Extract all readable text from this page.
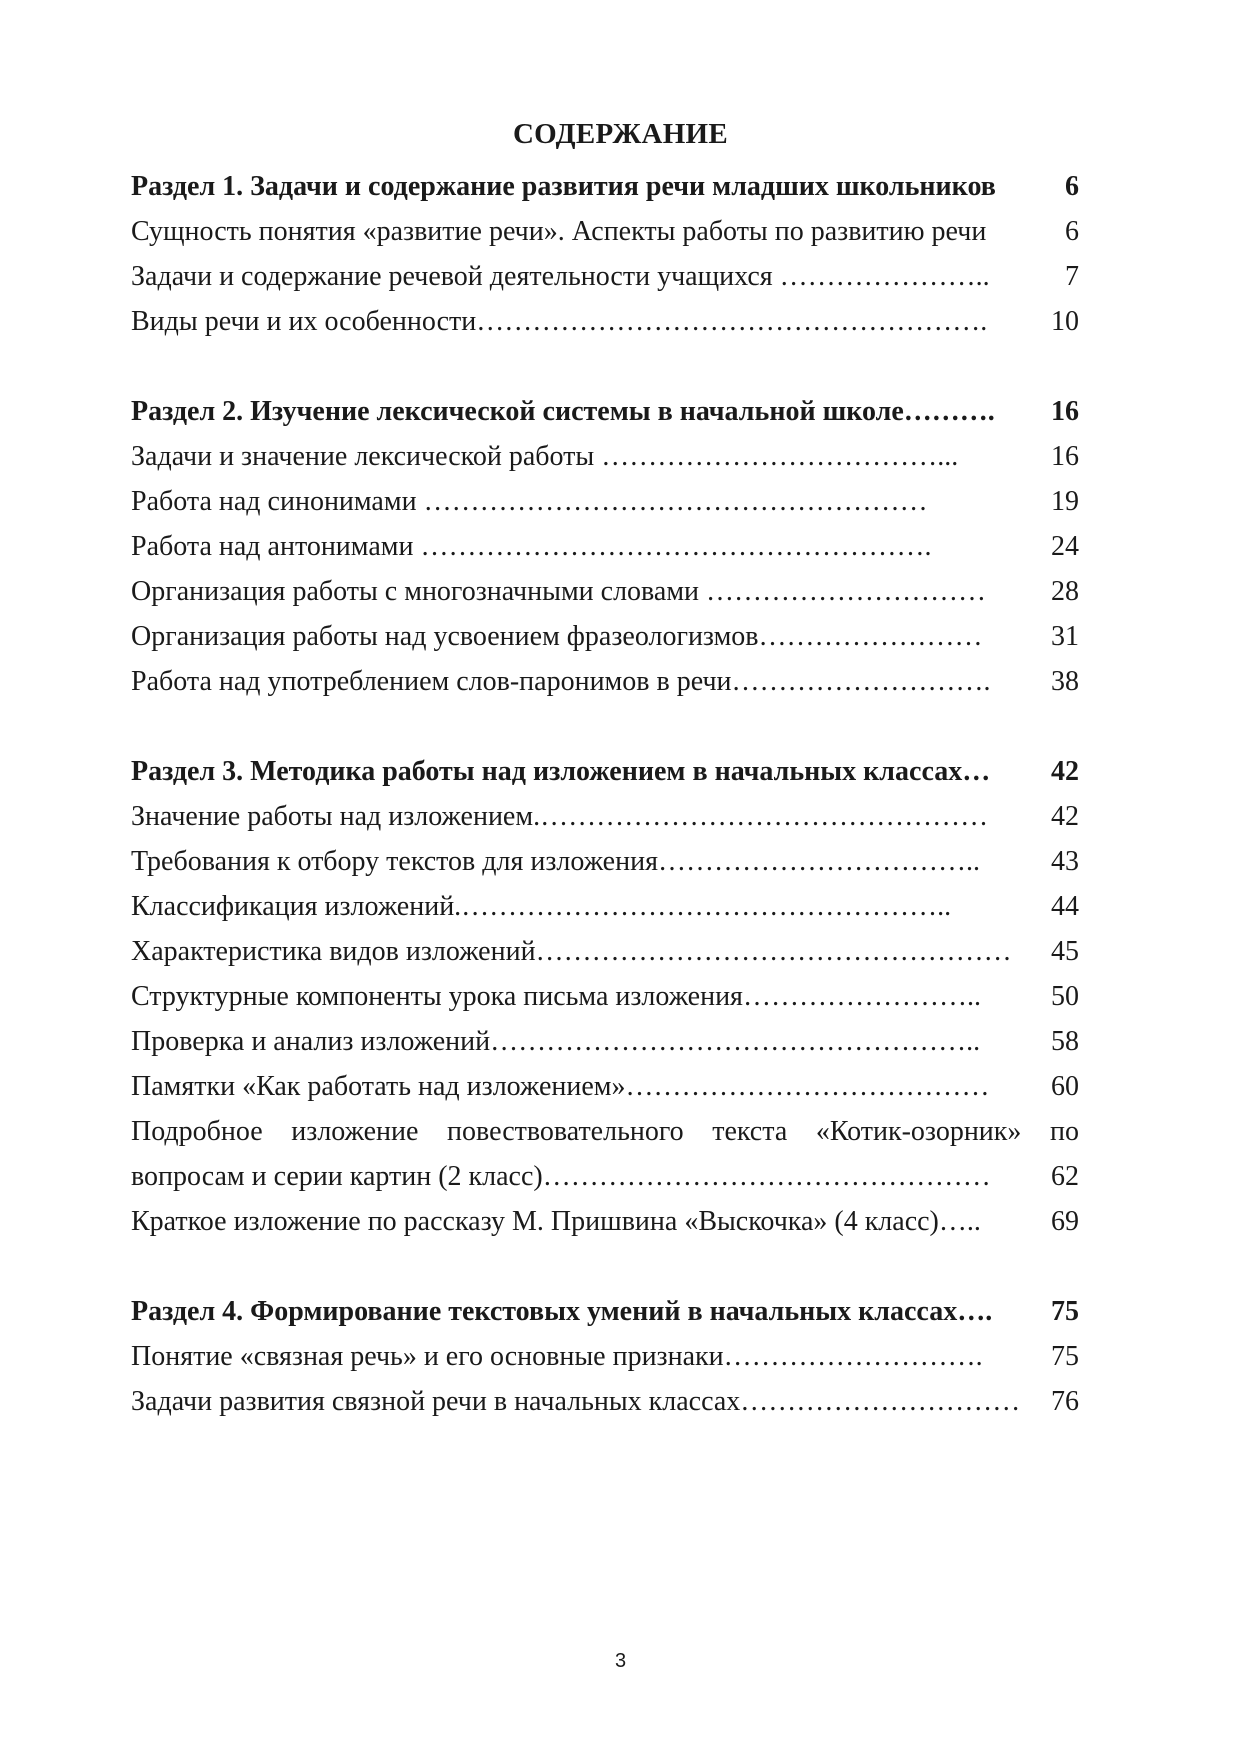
СОДЕРЖАНИЕ
Раздел 1. Задачи и содержание развития речи младших школьников	6
Сущность понятия «развитие речи». Аспекты работы по развитию речи	6
Задачи и содержание речевой деятельности учащихся …………………..	7
Виды речи и их особенности……………………………………………….	10
Раздел 2. Изучение лексической системы в начальной школе……….	16
Задачи и значение лексической работы ………………………………...	16
Работа над синонимами ………………………………………………	19
Работа над антонимами ……………………………………………….	24
Организация работы с многозначными словами …………………………	28
Организация работы над усвоением фразеологизмов……………………	31
Работа над употреблением слов-паронимов в речи……………………….	38
Раздел 3. Методика работы над изложением в начальных классах…	42
Значение работы над изложением.…………………………………………	42
Требования к отбору текстов для изложения……………………………..	43
Классификация изложений.……………………………………………..	44
Характеристика видов изложений……………………………………………	45
Структурные компоненты урока письма изложения……………………..	50
Проверка и анализ изложений……………………………………………..	58
Памятки «Как работать над изложением»…………………………………	60
Подробное изложение повествовательного текста «Котик-озорник» по
вопросам и серии картин (2 класс)…………………………………………	62
Краткое изложение по рассказу М. Пришвина «Выскочка» (4 класс)…..	69
Раздел 4. Формирование текстовых умений в начальных классах….	75
Понятие «связная речь» и его основные признаки……………………….	75
Задачи развития связной речи в начальных классах…………………………	76
3
